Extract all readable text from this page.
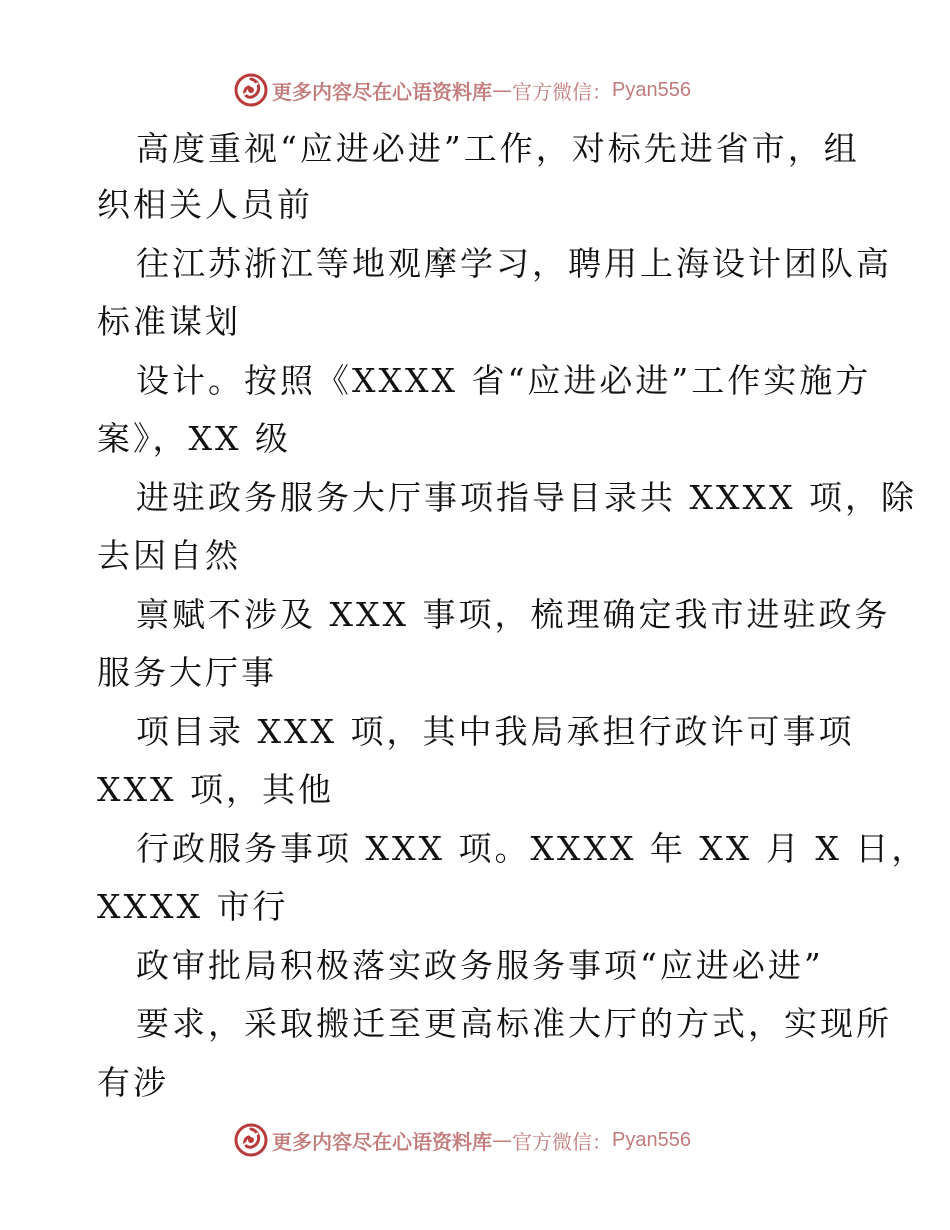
更多内容尽在心语资料库 — 官方微信： Pyan556
高度重视“应进必进”工作，对标先进省市，组
织相关人员前
往江苏浙江等地观摩学习，聘用上海设计团队高
标准谋划
设计。按照《XXXX 省“应进必进”工作实施方
案》，XX 级
进驻政务服务大厅事项指导目录共 XXXX 项，除
去因自然
禀赋不涉及 XXX 事项，梳理确定我市进驻政务
服务大厅事
项目录 XXX 项，其中我局承担行政许可事项
XXX 项，其他
行政服务事项 XXX 项。XXXX 年 XX 月 X 日，
XXXX 市行
政审批局积极落实政务服务事项“应进必进”
要求，采取搬迁至更高标准大厅的方式，实现所
有涉
更多内容尽在心语资料库 — 官方微信： Pyan556
